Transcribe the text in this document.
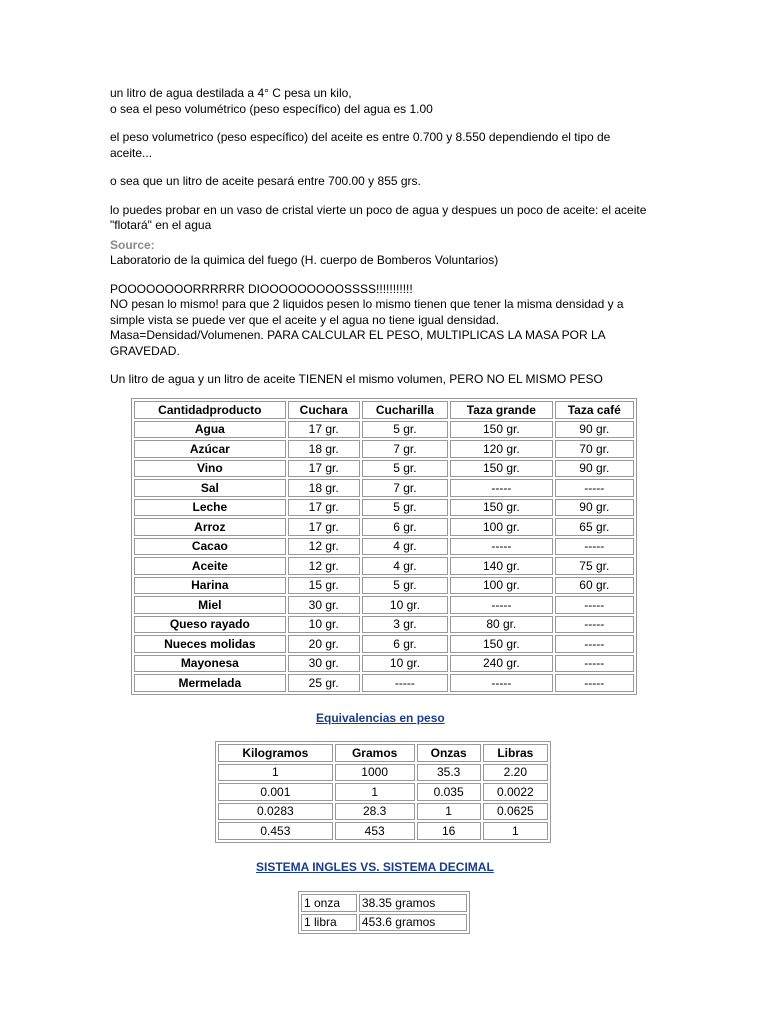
un litro de agua destilada a 4° C pesa un kilo,

o sea el peso volumétrico (peso específico) del agua es 1.00

el peso volumetrico (peso específico) del aceite es entre 0.700 y 8.550 dependiendo el tipo de aceite...

o sea que un litro de aceite pesará entre 700.00 y 855 grs.

lo puedes probar en un vaso de cristal vierte un poco de agua y despues un poco de aceite: el aceite "flotará" en el agua

Source:

Laboratorio de la quimica del fuego (H. cuerpo de Bomberos Voluntarios)

POOOOOOOORRRRRR DIOOOOOOOOOSSSS!!!!!!!!!!!

NO pesan lo mismo! para que 2 liquidos pesen lo mismo tienen que tener la misma densidad y a simple vista se puede ver que el aceite y el agua no tiene igual densidad. Masa=Densidad/Volumenen. PARA CALCULAR EL PESO, MULTIPLICAS LA MASA POR LA GRAVEDAD.

Un litro de agua y un litro de aceite TIENEN el mismo volumen, PERO NO EL MISMO PESO

Cantidadproducto	Cuchara	Cucharilla	Taza grande	Taza café
Agua	17 gr.	5 gr.	150 gr.	90 gr.
Azúcar	18 gr.	7 gr.	120 gr.	70 gr.
Vino	17 gr.	5 gr.	150 gr.	90 gr.
Sal	18 gr.	7 gr.	-----	-----
Leche	17 gr.	5 gr.	150 gr.	90 gr.
Arroz	17 gr.	6 gr.	100 gr.	65 gr.
Cacao	12 gr.	4 gr.	-----	-----
Aceite	12 gr.	4 gr.	140 gr.	75 gr.
Harina	15 gr.	5 gr.	100 gr.	60 gr.
Miel	30 gr.	10 gr.	-----	-----
Queso rayado	10 gr.	3 gr.	80 gr.	-----
Nueces molidas	20 gr.	6 gr.	150 gr.	-----
Mayonesa	30 gr.	10 gr.	240 gr.	-----
Mermelada	25 gr.	-----	-----	-----
Equivalencias en peso
Kilogramos	Gramos	Onzas	Libras
1	1000	35.3	2.20
0.001	1	0.035	0.0022
0.0283	28.3	1	0.0625
0.453	453	16	1
SISTEMA INGLES VS. SISTEMA DECIMAL
1 onza	38.35 gramos
1 libra	453.6 gramos
